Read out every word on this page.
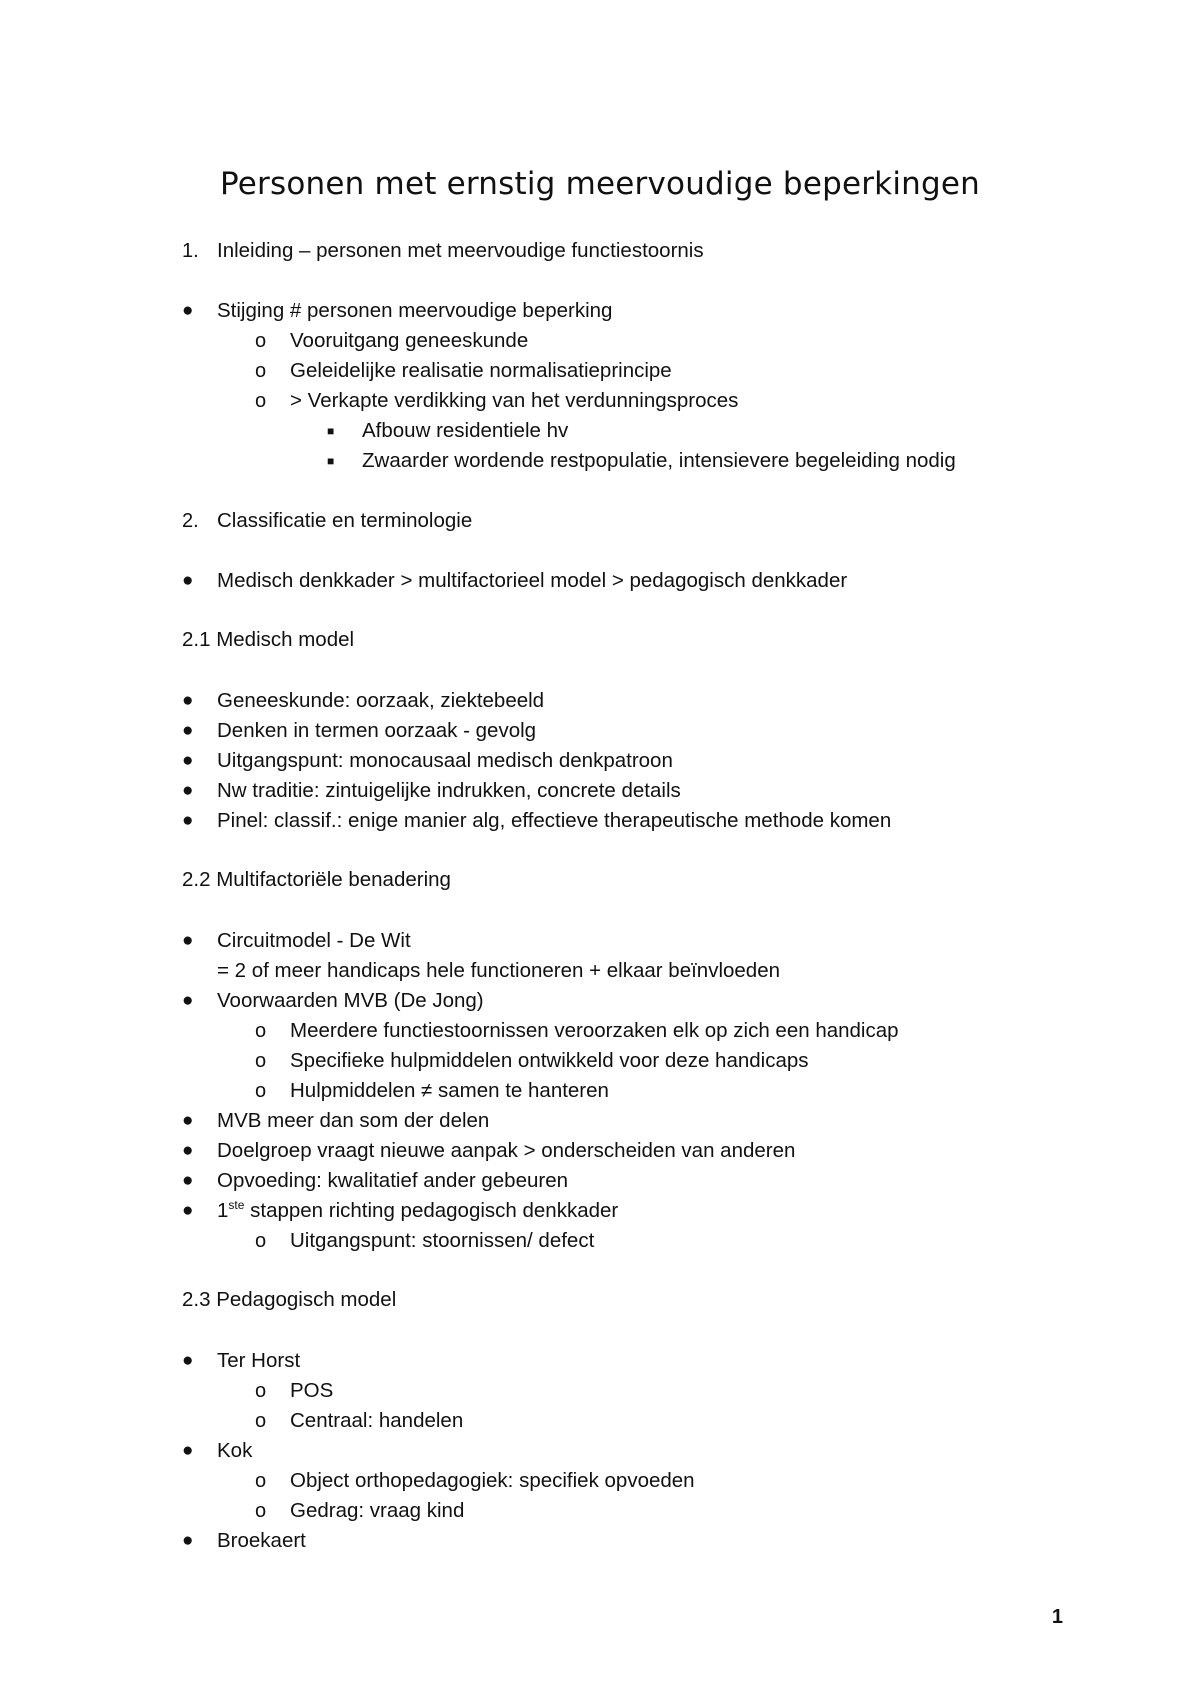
Personen met ernstig meervoudige beperkingen
1. Inleiding – personen met meervoudige functiestoornis
● Stijging # personen meervoudige beperking
o Vooruitgang geneeskunde
o Geleidelijke realisatie normalisatieprincipe
o > Verkapte verdikking van het verdunningsproces
■ Afbouw residentiele hv
■ Zwaarder wordende restpopulatie, intensievere begeleiding nodig
2. Classificatie en terminologie
● Medisch denkkader > multifactorieel model > pedagogisch denkkader
2.1 Medisch model
● Geneeskunde: oorzaak, ziektebeeld
● Denken in termen oorzaak - gevolg
● Uitgangspunt: monocausaal medisch denkpatroon
● Nw traditie: zintuigelijke indrukken, concrete details
● Pinel: classif.: enige manier alg, effectieve therapeutische methode komen
2.2 Multifactoriële benadering
● Circuitmodel - De Wit
= 2 of meer handicaps hele functioneren + elkaar beïnvloeden
● Voorwaarden MVB (De Jong)
o Meerdere functiestoornissen veroorzaken elk op zich een handicap
o Specifieke hulpmiddelen ontwikkeld voor deze handicaps
o Hulpmiddelen ≠ samen te hanteren
● MVB meer dan som der delen
● Doelgroep vraagt nieuwe aanpak > onderscheiden van anderen
● Opvoeding: kwalitatief ander gebeuren
● 1ste stappen richting pedagogisch denkkader
o Uitgangspunt: stoornissen/ defect
2.3 Pedagogisch model
● Ter Horst
o POS
o Centraal: handelen
● Kok
o Object orthopedagogiek: specifiek opvoeden
o Gedrag: vraag kind
● Broekaert
1
